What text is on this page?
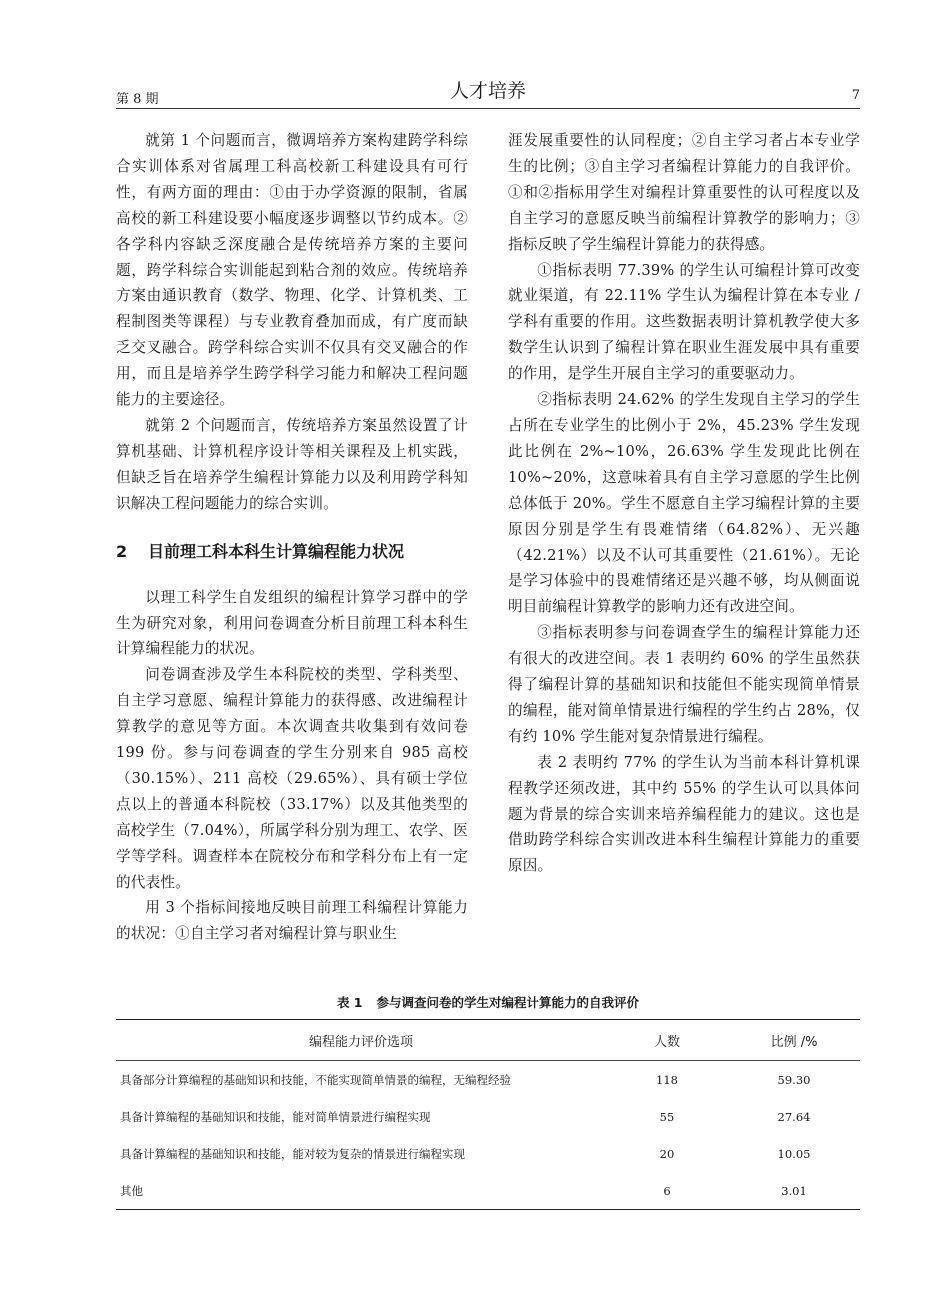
第 8 期	人才培养	7

就第 1 个问题而言，微调培养方案构建跨学科综合实训体系对省属理工科高校新工科建设具有可行性，有两方面的理由：①由于办学资源的限制，省属高校的新工科建设要小幅度逐步调整以节约成本。②各学科内容缺乏深度融合是传统培养方案的主要问题，跨学科综合实训能起到粘合剂的效应。传统培养方案由通识教育（数学、物理、化学、计算机类、工程制图类等课程）与专业教育叠加而成，有广度而缺乏交叉融合。跨学科综合实训不仅具有交叉融合的作用，而且是培养学生跨学科学习能力和解决工程问题能力的主要途径。

就第 2 个问题而言，传统培养方案虽然设置了计算机基础、计算机程序设计等相关课程及上机实践，但缺乏旨在培养学生编程计算能力以及利用跨学科知识解决工程问题能力的综合实训。

2 目前理工科本科生计算编程能力状况

以理工科学生自发组织的编程计算学习群中的学生为研究对象，利用问卷调查分析目前理工科本科生计算编程能力的状况。

问卷调查涉及学生本科院校的类型、学科类型、自主学习意愿、编程计算能力的获得感、改进编程计算教学的意见等方面。本次调查共收集到有效问卷 199 份。参与问卷调查的学生分别来自 985 高校（30.15%）、211 高校（29.65%）、具有硕士学位点以上的普通本科院校（33.17%）以及其他类型的高校学生（7.04%），所属学科分别为理工、农学、医学等学科。调查样本在院校分布和学科分布上有一定的代表性。

用 3 个指标间接地反映目前理工科编程计算能力的状况：①自主学习者对编程计算与职业生

涯发展重要性的认同程度；②自主学习者占本专业学生的比例；③自主学习者编程计算能力的自我评价。①和②指标用学生对编程计算重要性的认可程度以及自主学习的意愿反映当前编程计算教学的影响力；③指标反映了学生编程计算能力的获得感。

①指标表明 77.39% 的学生认可编程计算可改变就业渠道，有 22.11% 学生认为编程计算在本专业 / 学科有重要的作用。这些数据表明计算机教学使大多数学生认识到了编程计算在职业生涯发展中具有重要的作用，是学生开展自主学习的重要驱动力。

②指标表明 24.62% 的学生发现自主学习的学生占所在专业学生的比例小于 2%，45.23% 学生发现此比例在 2%~10%，26.63% 学生发现此比例在 10%~20%，这意味着具有自主学习意愿的学生比例总体低于 20%。学生不愿意自主学习编程计算的主要原因分别是学生有畏难情绪（64.82%）、无兴趣（42.21%）以及不认可其重要性（21.61%）。无论是学习体验中的畏难情绪还是兴趣不够，均从侧面说明目前编程计算教学的影响力还有改进空间。

③指标表明参与问卷调查学生的编程计算能力还有很大的改进空间。表 1 表明约 60% 的学生虽然获得了编程计算的基础知识和技能但不能实现简单情景的编程，能对简单情景进行编程的学生约占 28%，仅有约 10% 学生能对复杂情景进行编程。

表 2 表明约 77% 的学生认为当前本科计算机课程教学还须改进，其中约 55% 的学生认可以具体问题为背景的综合实训来培养编程能力的建议。这也是借助跨学科综合实训改进本科生编程计算能力的重要原因。

表 1 参与调查问卷的学生对编程计算能力的自我评价
编程能力评价选项	人数	比例 /%
具备部分计算编程的基础知识和技能，不能实现简单情景的编程，无编程经验	118	59.30
具备计算编程的基础知识和技能，能对简单情景进行编程实现	55	27.64
具备计算编程的基础知识和技能，能对较为复杂的情景进行编程实现	20	10.05
其他	6	3.01
